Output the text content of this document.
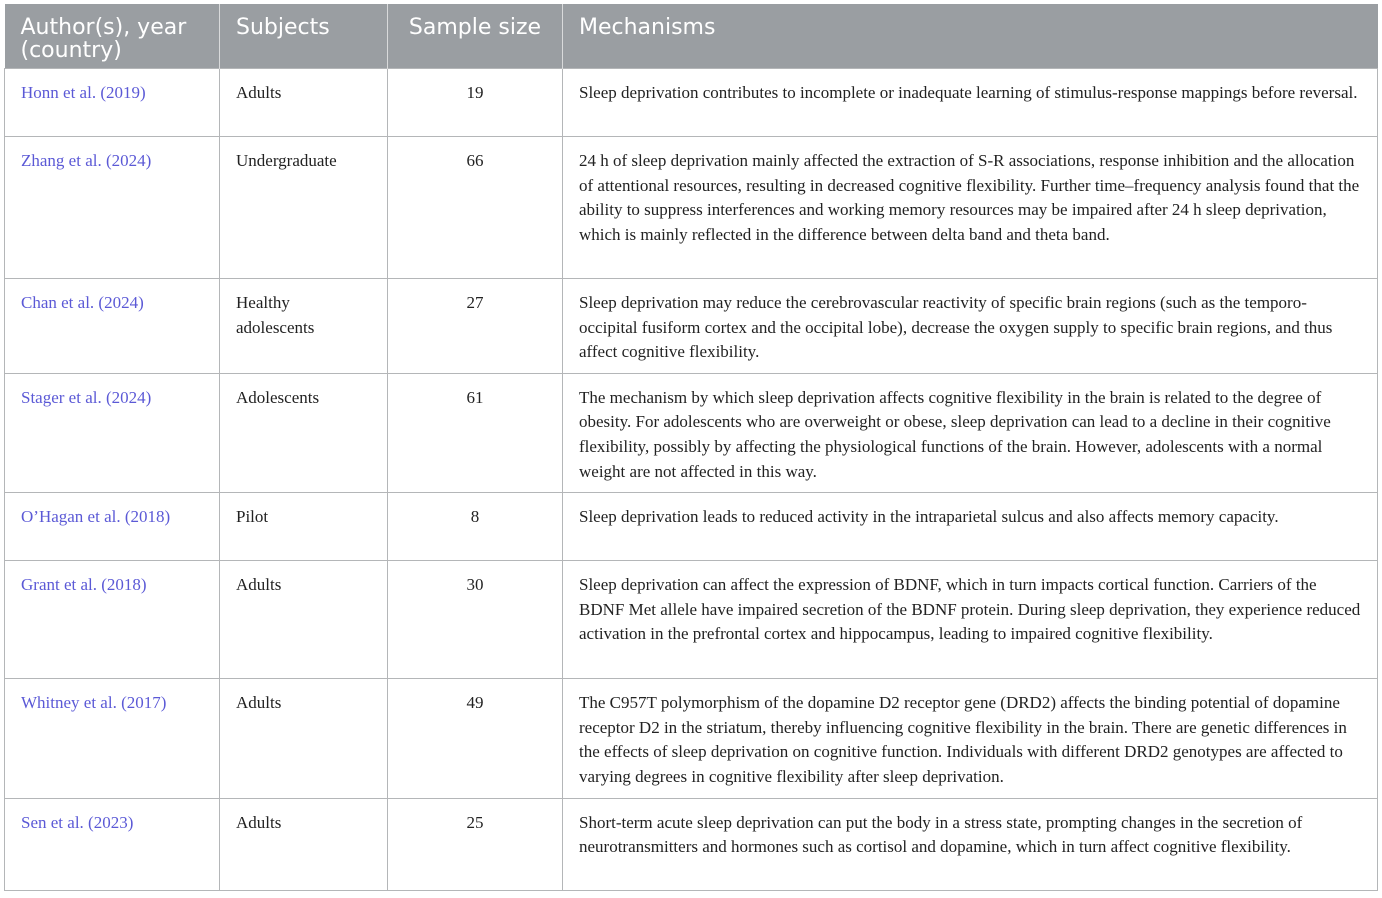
Author(s), year (country)	Subjects	Sample size	Mechanisms
Honn et al. (2019)	Adults	19	Sleep deprivation contributes to incomplete or inadequate learning of stimulus-response mappings before reversal.
Zhang et al. (2024)	Undergraduate	66	24 h of sleep deprivation mainly affected the extraction of S-R associations, response inhibition and the allocation of attentional resources, resulting in decreased cognitive flexibility. Further time–frequency analysis found that the ability to suppress interferences and working memory resources may be impaired after 24 h sleep deprivation, which is mainly reflected in the difference between delta band and theta band.
Chan et al. (2024)	Healthy adolescents	27	Sleep deprivation may reduce the cerebrovascular reactivity of specific brain regions (such as the temporo-occipital fusiform cortex and the occipital lobe), decrease the oxygen supply to specific brain regions, and thus affect cognitive flexibility.
Stager et al. (2024)	Adolescents	61	The mechanism by which sleep deprivation affects cognitive flexibility in the brain is related to the degree of obesity. For adolescents who are overweight or obese, sleep deprivation can lead to a decline in their cognitive flexibility, possibly by affecting the physiological functions of the brain. However, adolescents with a normal weight are not affected in this way.
O’Hagan et al. (2018)	Pilot	8	Sleep deprivation leads to reduced activity in the intraparietal sulcus and also affects memory capacity.
Grant et al. (2018)	Adults	30	Sleep deprivation can affect the expression of BDNF, which in turn impacts cortical function. Carriers of the BDNF Met allele have impaired secretion of the BDNF protein. During sleep deprivation, they experience reduced activation in the prefrontal cortex and hippocampus, leading to impaired cognitive flexibility.
Whitney et al. (2017)	Adults	49	The C957T polymorphism of the dopamine D2 receptor gene (DRD2) affects the binding potential of dopamine receptor D2 in the striatum, thereby influencing cognitive flexibility in the brain. There are genetic differences in the effects of sleep deprivation on cognitive function. Individuals with different DRD2 genotypes are affected to varying degrees in cognitive flexibility after sleep deprivation.
Sen et al. (2023)	Adults	25	Short-term acute sleep deprivation can put the body in a stress state, prompting changes in the secretion of neurotransmitters and hormones such as cortisol and dopamine, which in turn affect cognitive flexibility.
